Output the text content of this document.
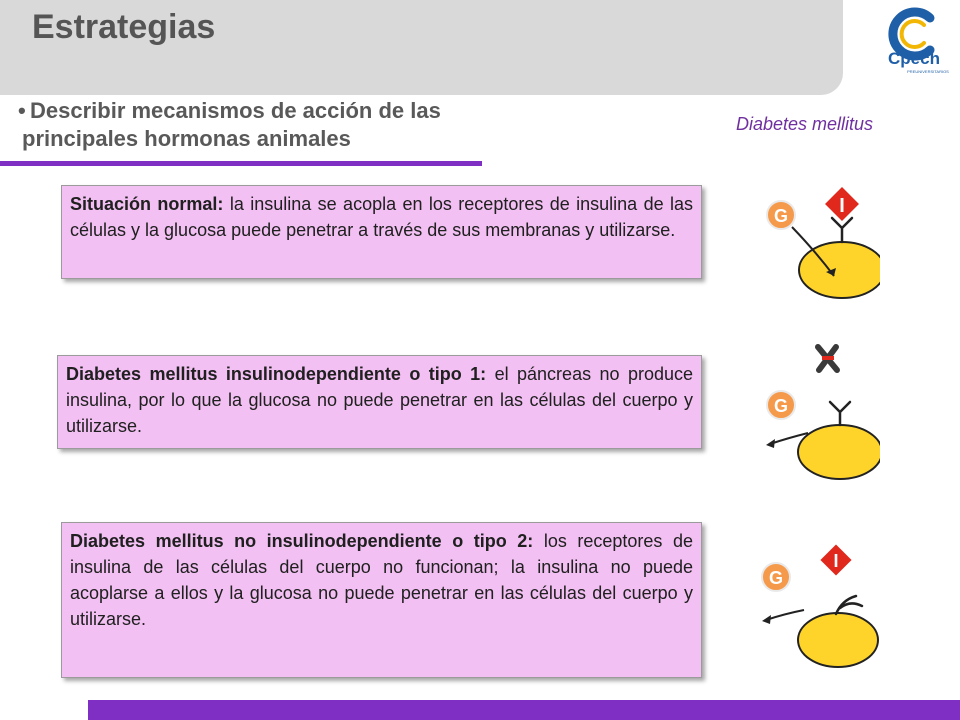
Estrategias
Cpech
PREUNIVERSITARIOS
• Describir mecanismos de acción de las
principales hormonas animales
Diabetes mellitus
Situación normal: la insulina se acopla en los receptores de insulina de las células y la glucosa puede penetrar a través de sus membranas y utilizarse.
Diabetes mellitus insulinodependiente o tipo 1: el páncreas no produce insulina, por lo que la glucosa no puede penetrar en las células del cuerpo y utilizarse.
Diabetes mellitus no insulinodependiente o tipo 2: los receptores de insulina de las células del cuerpo no funcionan; la insulina no puede acoplarse a ellos y la glucosa no puede penetrar en las células del cuerpo y utilizarse.
I
G
G
I
G
